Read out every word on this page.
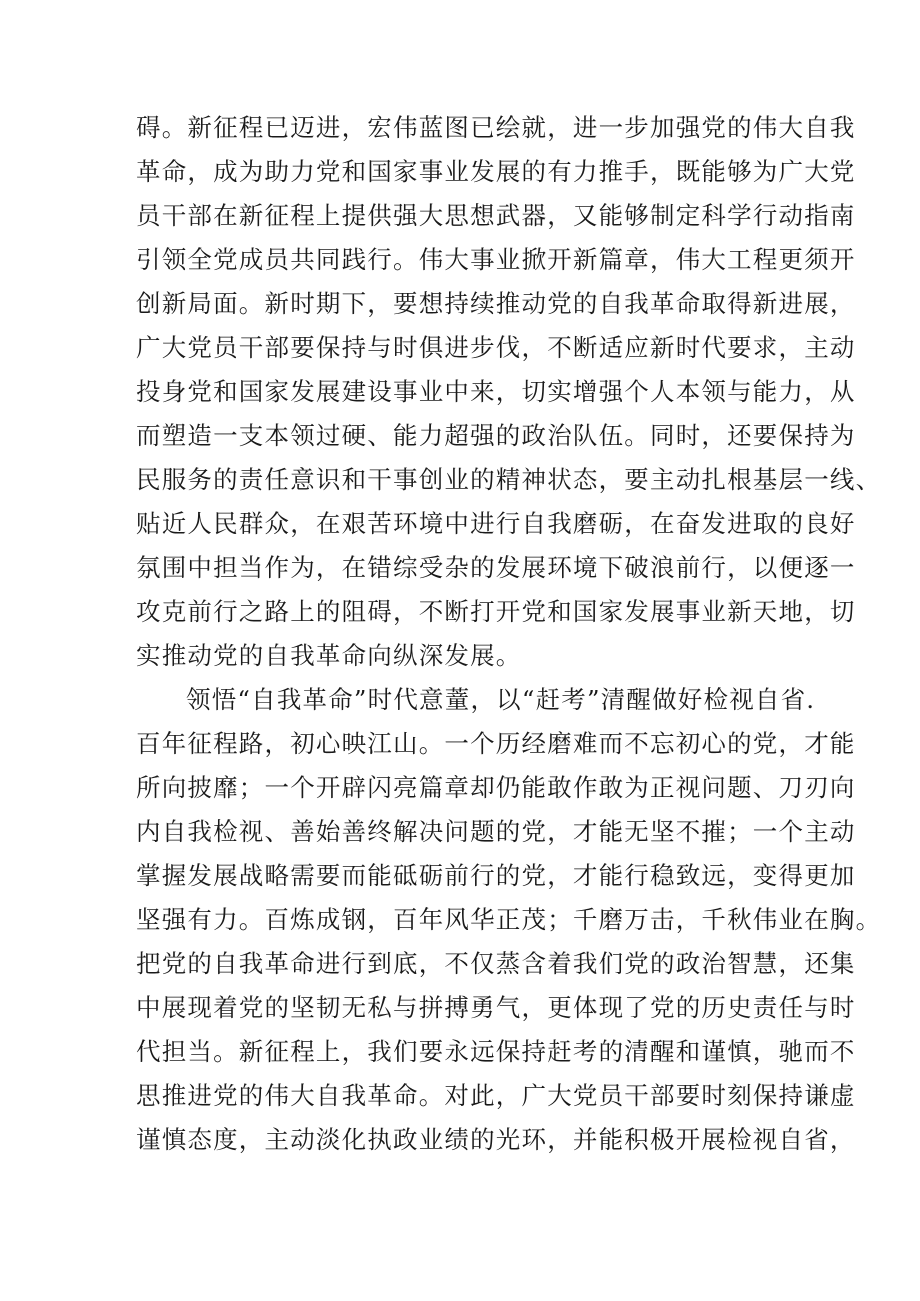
碍。新征程已迈进，宏伟蓝图已绘就，进一步加强党的伟大自我
革命，成为助力党和国家事业发展的有力推手，既能够为广大党
员干部在新征程上提供强大思想武器，又能够制定科学行动指南
引领全党成员共同践行。伟大事业掀开新篇章，伟大工程更须开
创新局面。新时期下，要想持续推动党的自我革命取得新进展，
广大党员干部要保持与时俱进步伐，不断适应新时代要求，主动
投身党和国家发展建设事业中来，切实增强个人本领与能力，从
而塑造一支本领过硬、能力超强的政治队伍。同时，还要保持为
民服务的责任意识和干事创业的精神状态，要主动扎根基层一线、
贴近人民群众，在艰苦环境中进行自我磨砺，在奋发进取的良好
氛围中担当作为，在错综受杂的发展环境下破浪前行，以便逐一
攻克前行之路上的阻碍，不断打开党和国家发展事业新天地，切
实推动党的自我革命向纵深发展。
领悟“自我革命”时代意蕫，以“赶考”清醒做好检视自省.
百年征程路，初心映江山。一个历经磨难而不忘初心的党，才能
所向披靡；一个开辟闪亮篇章却仍能敢作敢为正视问题、刀刃向
内自我检视、善始善终解决问题的党，才能无坚不摧；一个主动
掌握发展战略需要而能砥砺前行的党，才能行稳致远，变得更加
坚强有力。百炼成钢，百年风华正茂；千磨万击，千秋伟业在胸。
把党的自我革命进行到底，不仅蒸含着我们党的政治智慧，还集
中展现着党的坚韧无私与拼搏勇气，更体现了党的历史责任与时
代担当。新征程上，我们要永远保持赶考的清醒和谨慎，驰而不
思推进党的伟大自我革命。对此，广大党员干部要时刻保持谦虚
谨慎态度，主动淡化执政业绩的光环，并能积极开展检视自省，
